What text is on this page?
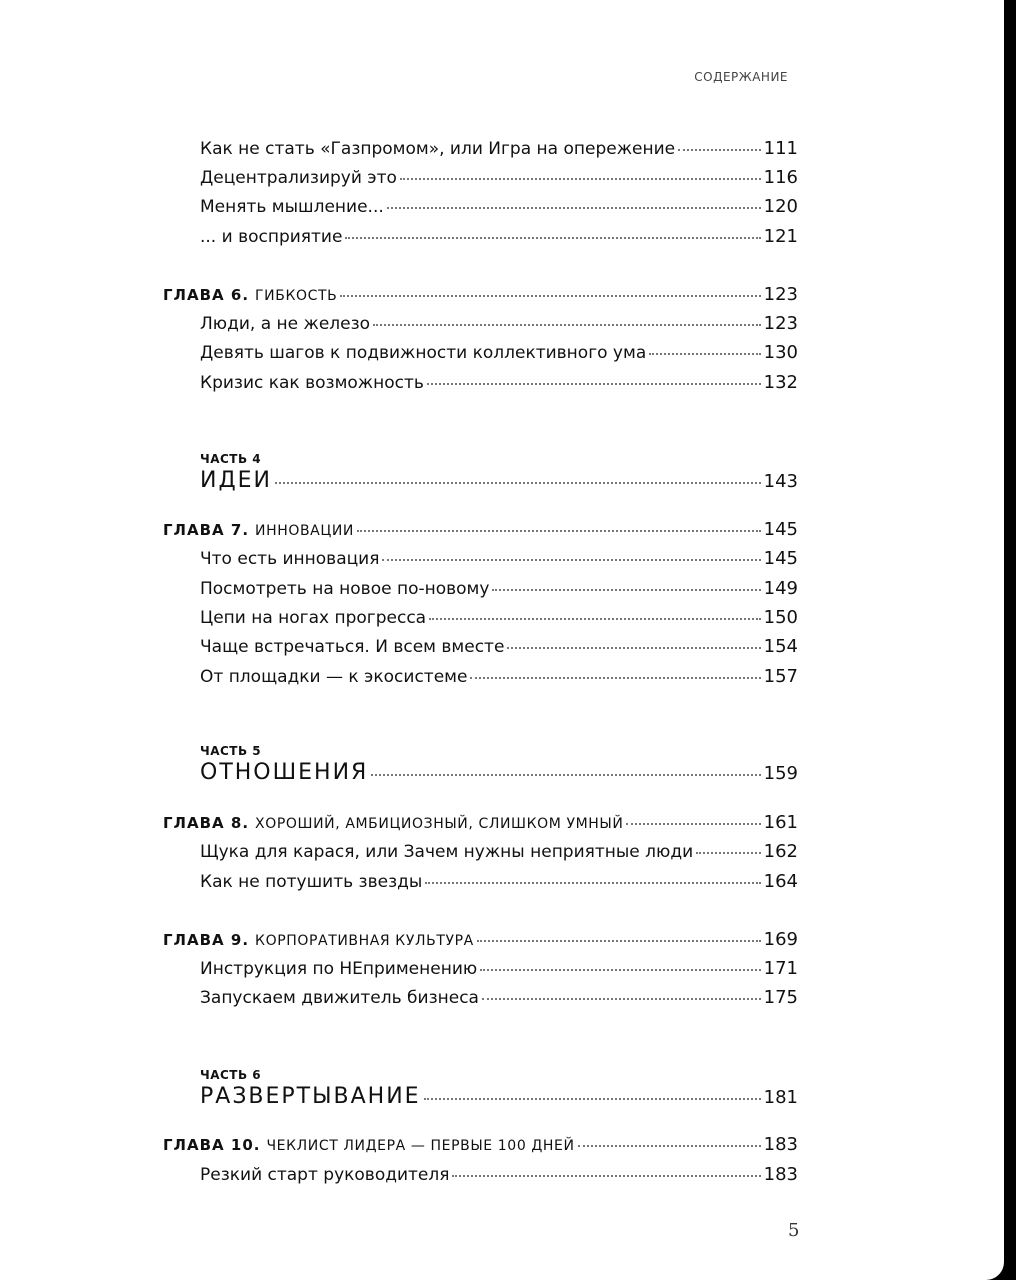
СОДЕРЖАНИЕ
Как не стать «Газпромом», или Игра на опережение	111
Децентрализируй это	116
Менять мышление...	120
... и восприятие	121
ГЛАВА 6. ГИБКОСТЬ	123
Люди, а не железо	123
Девять шагов к подвижности коллективного ума	130
Кризис как возможность	132
ЧАСТЬ 4
ИДЕИ	143
ГЛАВА 7. ИННОВАЦИИ	145
Что есть инновация	145
Посмотреть на новое по-новому	149
Цепи на ногах прогресса	150
Чаще встречаться. И всем вместе	154
От площадки — к экосистеме	157
ЧАСТЬ 5
ОТНОШЕНИЯ	159
ГЛАВА 8. ХОРОШИЙ, АМБИЦИОЗНЫЙ, СЛИШКОМ УМНЫЙ	161
Щука для карася, или Зачем нужны неприятные люди	162
Как не потушить звезды	164
ГЛАВА 9. КОРПОРАТИВНАЯ КУЛЬТУРА	169
Инструкция по НЕприменению	171
Запускаем движитель бизнеса	175
ЧАСТЬ 6
РАЗВЕРТЫВАНИЕ	181
ГЛАВА 10. ЧЕКЛИСТ ЛИДЕРА — ПЕРВЫЕ 100 ДНЕЙ	183
Резкий старт руководителя	183
5
